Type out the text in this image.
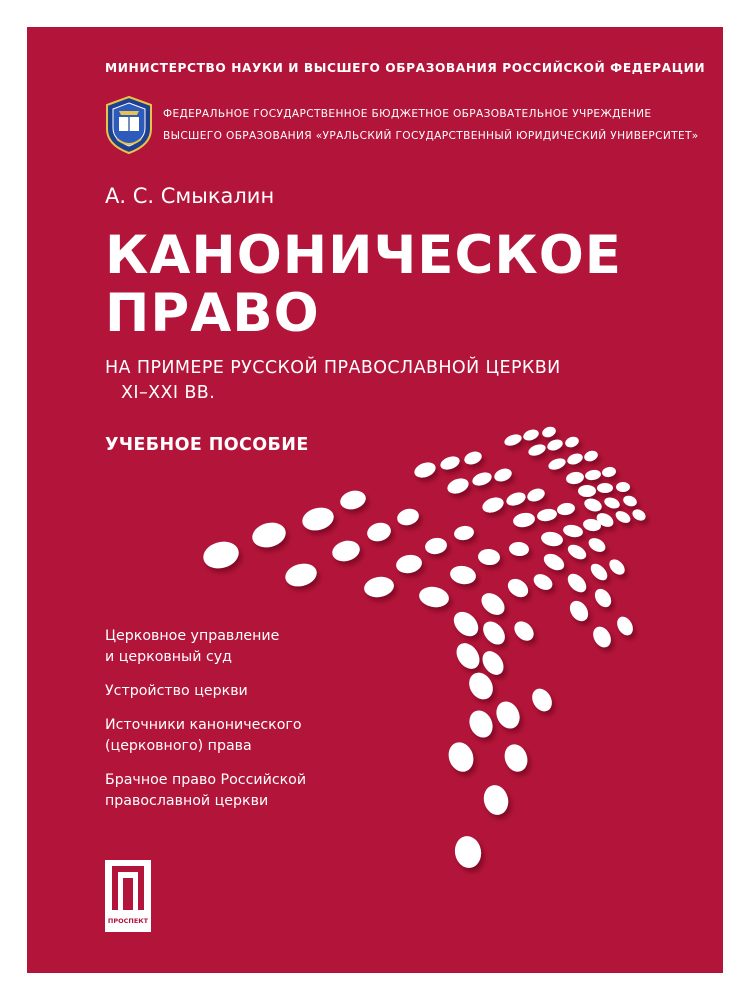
МИНИСТЕРСТВО НАУКИ И ВЫСШЕГО ОБРАЗОВАНИЯ РОССИЙСКОЙ ФЕДЕРАЦИИ
ФЕДЕРАЛЬНОЕ ГОСУДАРСТВЕННОЕ БЮДЖЕТНОЕ ОБРАЗОВАТЕЛЬНОЕ УЧРЕЖДЕНИЕ
ВЫСШЕГО ОБРАЗОВАНИЯ «УРАЛЬСКИЙ ГОСУДАРСТВЕННЫЙ ЮРИДИЧЕСКИЙ УНИВЕРСИТЕТ»
А. С. Смыкалин
КАНОНИЧЕСКОЕ
ПРАВО
НА ПРИМЕРЕ РУССКОЙ ПРАВОСЛАВНОЙ ЦЕРКВИ
XI–XXI ВВ.
УЧЕБНОЕ ПОСОБИЕ
Церковное управление
и церковный суд
Устройство церкви
Источники канонического
(церковного) права
Брачное право Российской
православной церкви
ПРОСПЕКТ
